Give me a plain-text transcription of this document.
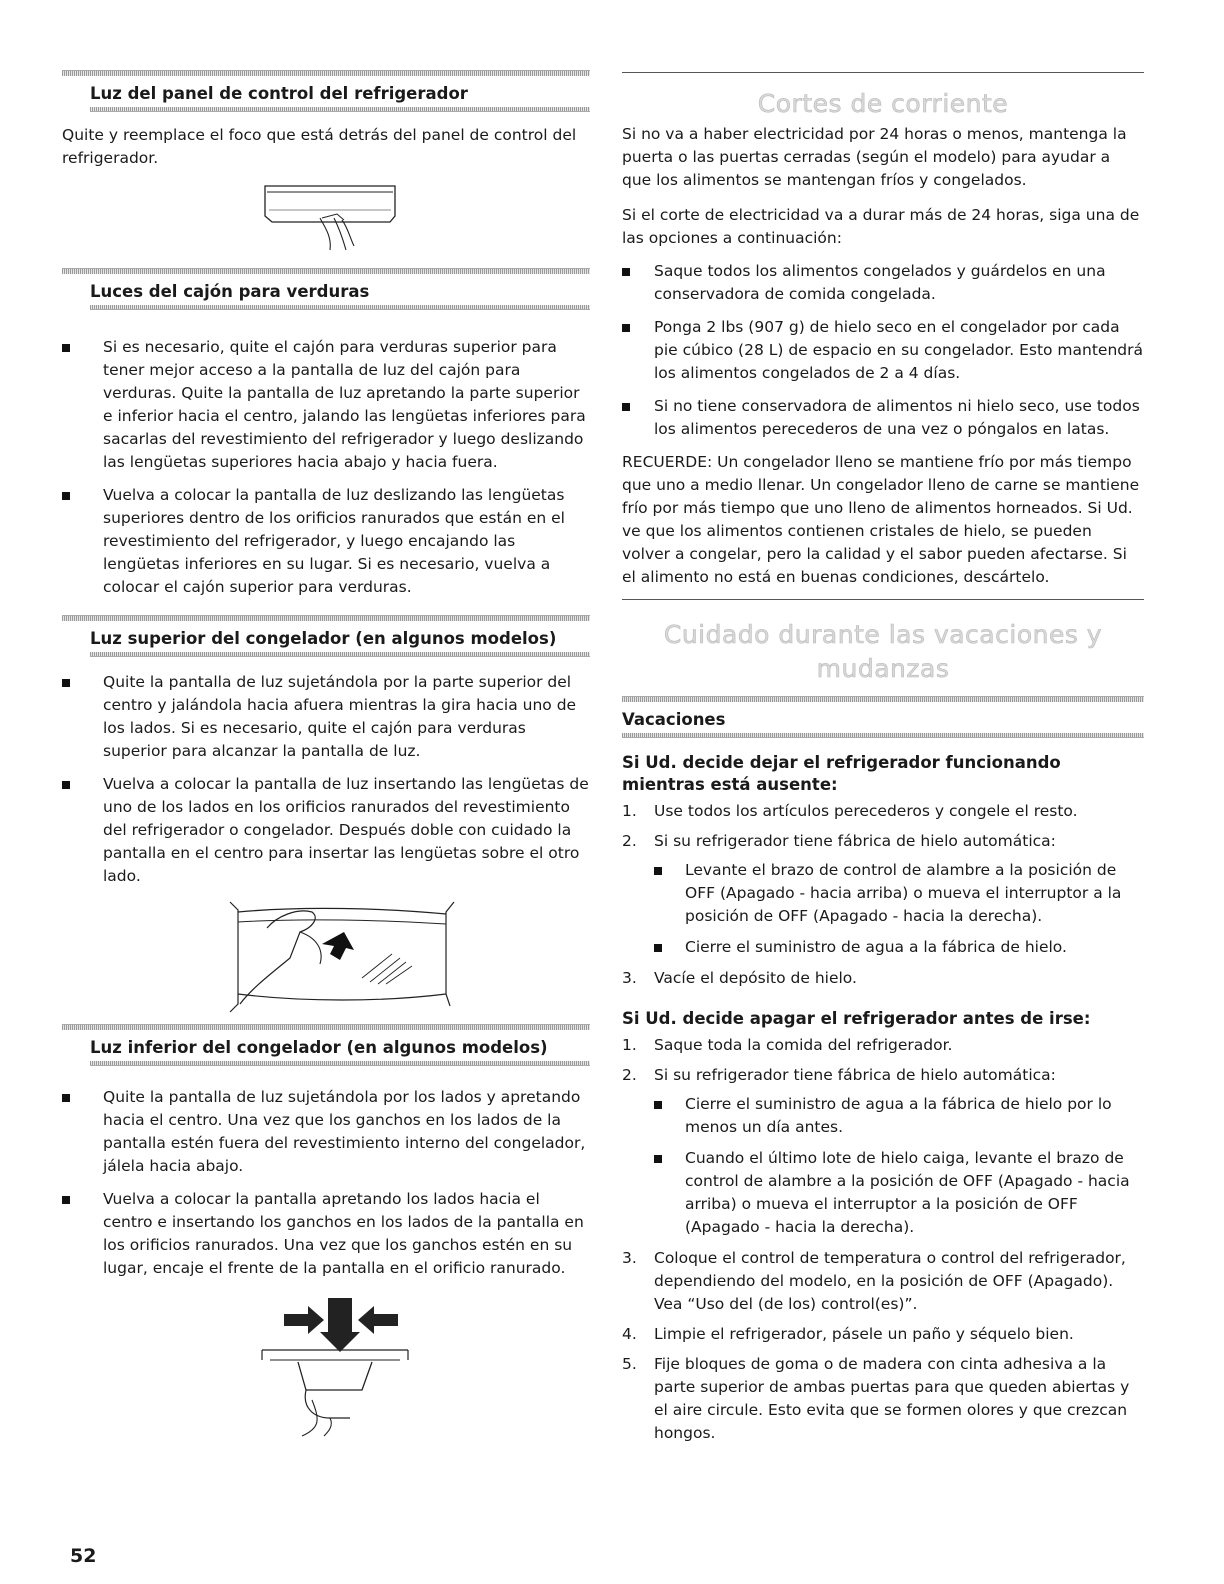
Luz del panel de control del refrigerador

Quite y reemplace el foco que está detrás del panel de control del refrigerador.

Luces del cajón para verduras
Si es necesario, quite el cajón para verduras superior para tener mejor acceso a la pantalla de luz del cajón para verduras. Quite la pantalla de luz apretando la parte superior e inferior hacia el centro, jalando las lengüetas inferiores para sacarlas del revestimiento del refrigerador y luego deslizando las lengüetas superiores hacia abajo y hacia fuera.
Vuelva a colocar la pantalla de luz deslizando las lengüetas superiores dentro de los orificios ranurados que están en el revestimiento del refrigerador, y luego encajando las lengüetas inferiores en su lugar. Si es necesario, vuelva a colocar el cajón superior para verduras.
Luz superior del congelador (en algunos modelos)
Quite la pantalla de luz sujetándola por la parte superior del centro y jalándola hacia afuera mientras la gira hacia uno de los lados. Si es necesario, quite el cajón para verduras superior para alcanzar la pantalla de luz.
Vuelva a colocar la pantalla de luz insertando las lengüetas de uno de los lados en los orificios ranurados del revestimiento del refrigerador o congelador. Después doble con cuidado la pantalla en el centro para insertar las lengüetas sobre el otro lado.
Luz inferior del congelador (en algunos modelos)
Quite la pantalla de luz sujetándola por los lados y apretando hacia el centro. Una vez que los ganchos en los lados de la pantalla estén fuera del revestimiento interno del congelador, jálela hacia abajo.
Vuelva a colocar la pantalla apretando los lados hacia el centro e insertando los ganchos en los lados de la pantalla en los orificios ranurados. Una vez que los ganchos estén en su lugar, encaje el frente de la pantalla en el orificio ranurado.
Cortes de corriente

Si no va a haber electricidad por 24 horas o menos, mantenga la puerta o las puertas cerradas (según el modelo) para ayudar a que los alimentos se mantengan fríos y congelados.

Si el corte de electricidad va a durar más de 24 horas, siga una de las opciones a continuación:

Saque todos los alimentos congelados y guárdelos en una conservadora de comida congelada.
Ponga 2 lbs (907 g) de hielo seco en el congelador por cada pie cúbico (28 L) de espacio en su congelador. Esto mantendrá los alimentos congelados de 2 a 4 días.
Si no tiene conservadora de alimentos ni hielo seco, use todos los alimentos perecederos de una vez o póngalos en latas.

RECUERDE: Un congelador lleno se mantiene frío por más tiempo que uno a medio llenar. Un congelador lleno de carne se mantiene frío por más tiempo que uno lleno de alimentos horneados. Si Ud. ve que los alimentos contienen cristales de hielo, se pueden volver a congelar, pero la calidad y el sabor pueden afectarse. Si el alimento no está en buenas condiciones, descártelo.

Cuidado durante las vacaciones y
mudanzas
Vacaciones
Si Ud. decide dejar el refrigerador funcionando mientras está ausente:
1. Use todos los artículos perecederos y congele el resto.
2. Si su refrigerador tiene fábrica de hielo automática:
Levante el brazo de control de alambre a la posición de OFF (Apagado - hacia arriba) o mueva el interruptor a la posición de OFF (Apagado - hacia la derecha).
Cierre el suministro de agua a la fábrica de hielo.
3. Vacíe el depósito de hielo.
Si Ud. decide apagar el refrigerador antes de irse:
1. Saque toda la comida del refrigerador.
2. Si su refrigerador tiene fábrica de hielo automática:
Cierre el suministro de agua a la fábrica de hielo por lo menos un día antes.
Cuando el último lote de hielo caiga, levante el brazo de control de alambre a la posición de OFF (Apagado - hacia arriba) o mueva el interruptor a la posición de OFF (Apagado - hacia la derecha).
3. Coloque el control de temperatura o control del refrigerador, dependiendo del modelo, en la posición de OFF (Apagado). Vea “Uso del (de los) control(es)”.
4. Limpie el refrigerador, pásele un paño y séquelo bien.
5. Fije bloques de goma o de madera con cinta adhesiva a la parte superior de ambas puertas para que queden abiertas y el aire circule. Esto evita que se formen olores y que crezcan hongos.
52
